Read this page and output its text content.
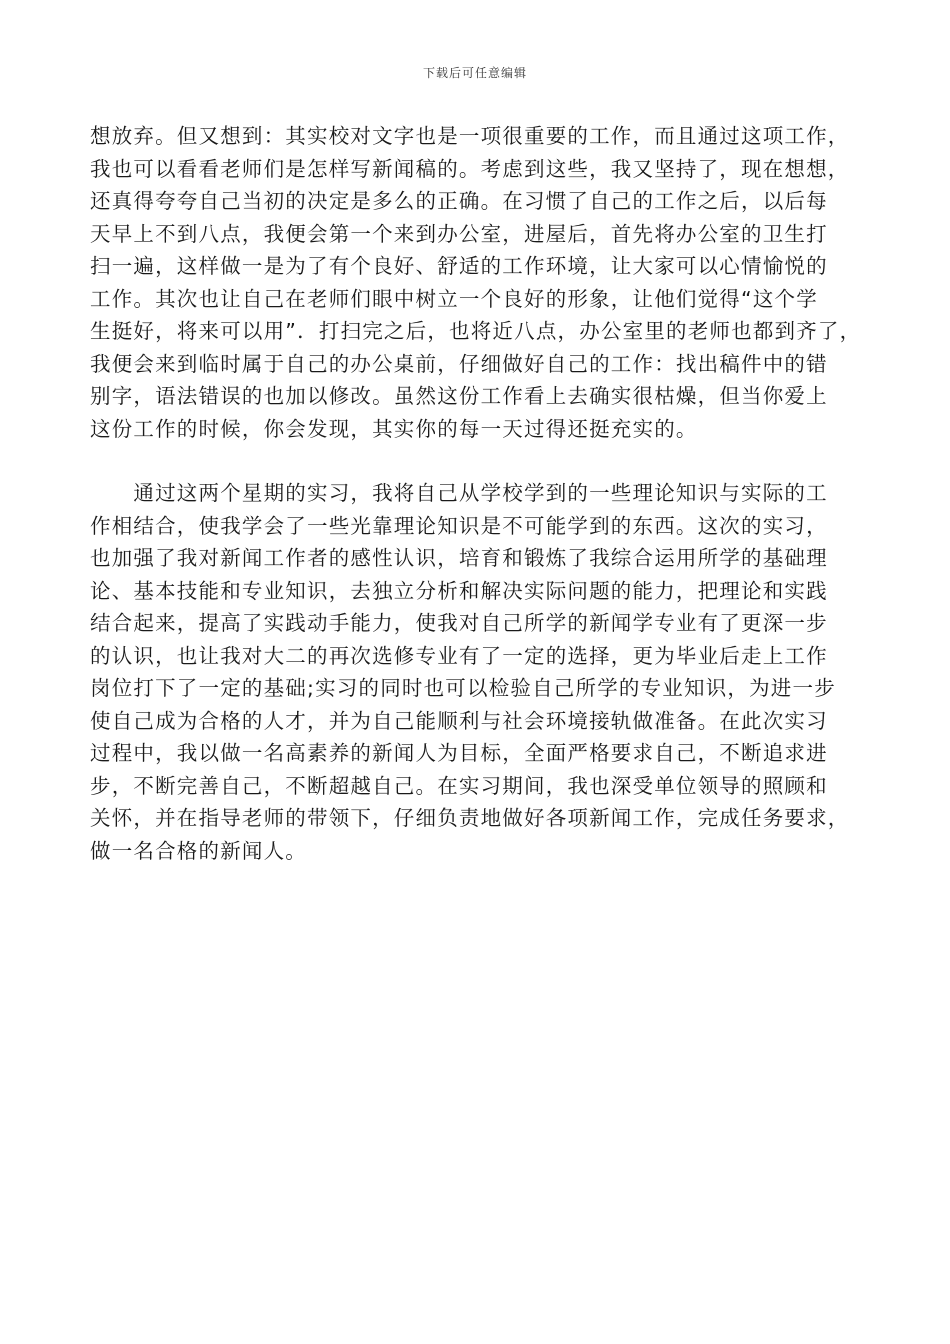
下载后可任意编辑
想放弃。但又想到：其实校对文字也是一项很重要的工作，而且通过这项工作，
我也可以看看老师们是怎样写新闻稿的。考虑到这些，我又坚持了，现在想想，
还真得夸夸自己当初的决定是多么的正确。在习惯了自己的工作之后，以后每
天早上不到八点，我便会第一个来到办公室，进屋后，首先将办公室的卫生打
扫一遍，这样做一是为了有个良好、舒适的工作环境，让大家可以心情愉悦的
工作。其次也让自己在老师们眼中树立一个良好的形象，让他们觉得“这个学
生挺好，将来可以用”．打扫完之后，也将近八点，办公室里的老师也都到齐了，
我便会来到临时属于自己的办公桌前，仔细做好自己的工作：找出稿件中的错
别字，语法错误的也加以修改。虽然这份工作看上去确实很枯燥，但当你爱上
这份工作的时候，你会发现，其实你的每一天过得还挺充实的。
　　通过这两个星期的实习，我将自己从学校学到的一些理论知识与实际的工
作相结合，使我学会了一些光靠理论知识是不可能学到的东西。这次的实习，
也加强了我对新闻工作者的感性认识，培育和锻炼了我综合运用所学的基础理
论、基本技能和专业知识，去独立分析和解决实际问题的能力，把理论和实践
结合起来，提高了实践动手能力，使我对自己所学的新闻学专业有了更深一步
的认识，也让我对大二的再次选修专业有了一定的选择，更为毕业后走上工作
岗位打下了一定的基础;实习的同时也可以检验自己所学的专业知识，为进一步
使自己成为合格的人才，并为自己能顺利与社会环境接轨做准备。在此次实习
过程中，我以做一名高素养的新闻人为目标，全面严格要求自己，不断追求进
步，不断完善自己，不断超越自己。在实习期间，我也深受单位领导的照顾和
关怀，并在指导老师的带领下，仔细负责地做好各项新闻工作，完成任务要求，
做一名合格的新闻人。
